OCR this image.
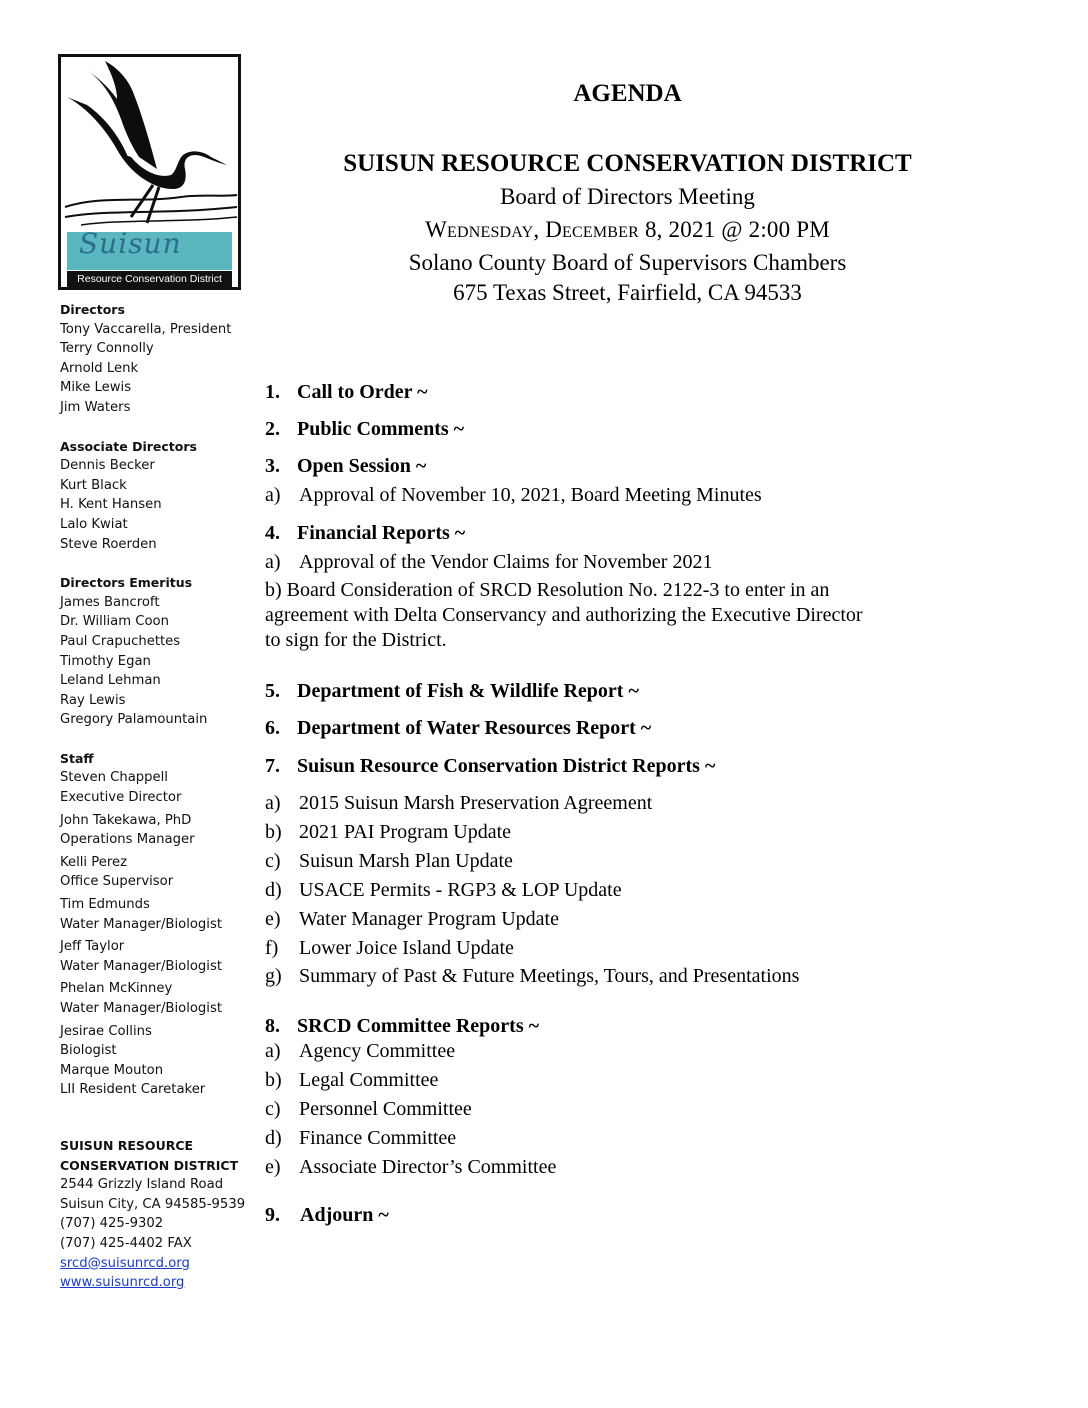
Suisun
Resource Conservation District
Directors
Tony Vaccarella, President
Terry Connolly
Arnold Lenk
Mike Lewis
Jim Waters
Associate Directors
Dennis Becker
Kurt Black
H. Kent Hansen
Lalo Kwiat
Steve Roerden
Directors Emeritus
James Bancroft
Dr. William Coon
Paul Crapuchettes
Timothy Egan
Leland Lehman
Ray Lewis
Gregory Palamountain
Staff
Steven Chappell
Executive Director
John Takekawa, PhD
Operations Manager
Kelli Perez
Office Supervisor
Tim Edmunds
Water Manager/Biologist
Jeff Taylor
Water Manager/Biologist
Phelan McKinney
Water Manager/Biologist
Jesirae Collins
Biologist
Marque Mouton
LII Resident Caretaker
SUISUN RESOURCE
CONSERVATION DISTRICT
2544 Grizzly Island Road
Suisun City, CA 94585-9539
(707) 425-9302
(707) 425-4402 FAX
srcd@suisunrcd.org
www.suisunrcd.org
AGENDA
SUISUN RESOURCE CONSERVATION DISTRICT
Board of Directors Meeting
Wednesday, December 8, 2021 @ 2:00 PM
Solano County Board of Supervisors Chambers
675 Texas Street, Fairfield, CA 94533
1. Call to Order ~
2. Public Comments ~
3. Open Session ~
a) Approval of November 10, 2021, Board Meeting Minutes
4. Financial Reports ~
a) Approval of the Vendor Claims for November 2021
b) Board Consideration of SRCD Resolution No. 2122-3 to enter in an
agreement with Delta Conservancy and authorizing the Executive Director
to sign for the District.
5. Department of Fish & Wildlife Report ~
6. Department of Water Resources Report ~
7. Suisun Resource Conservation District Reports ~
a) 2015 Suisun Marsh Preservation Agreement
b) 2021 PAI Program Update
c) Suisun Marsh Plan Update
d) USACE Permits - RGP3 & LOP Update
e) Water Manager Program Update
f) Lower Joice Island Update
g) Summary of Past & Future Meetings, Tours, and Presentations
8. SRCD Committee Reports ~
a) Agency Committee
b) Legal Committee
c) Personnel Committee
d) Finance Committee
e) Associate Director’s Committee
9. Adjourn ~
